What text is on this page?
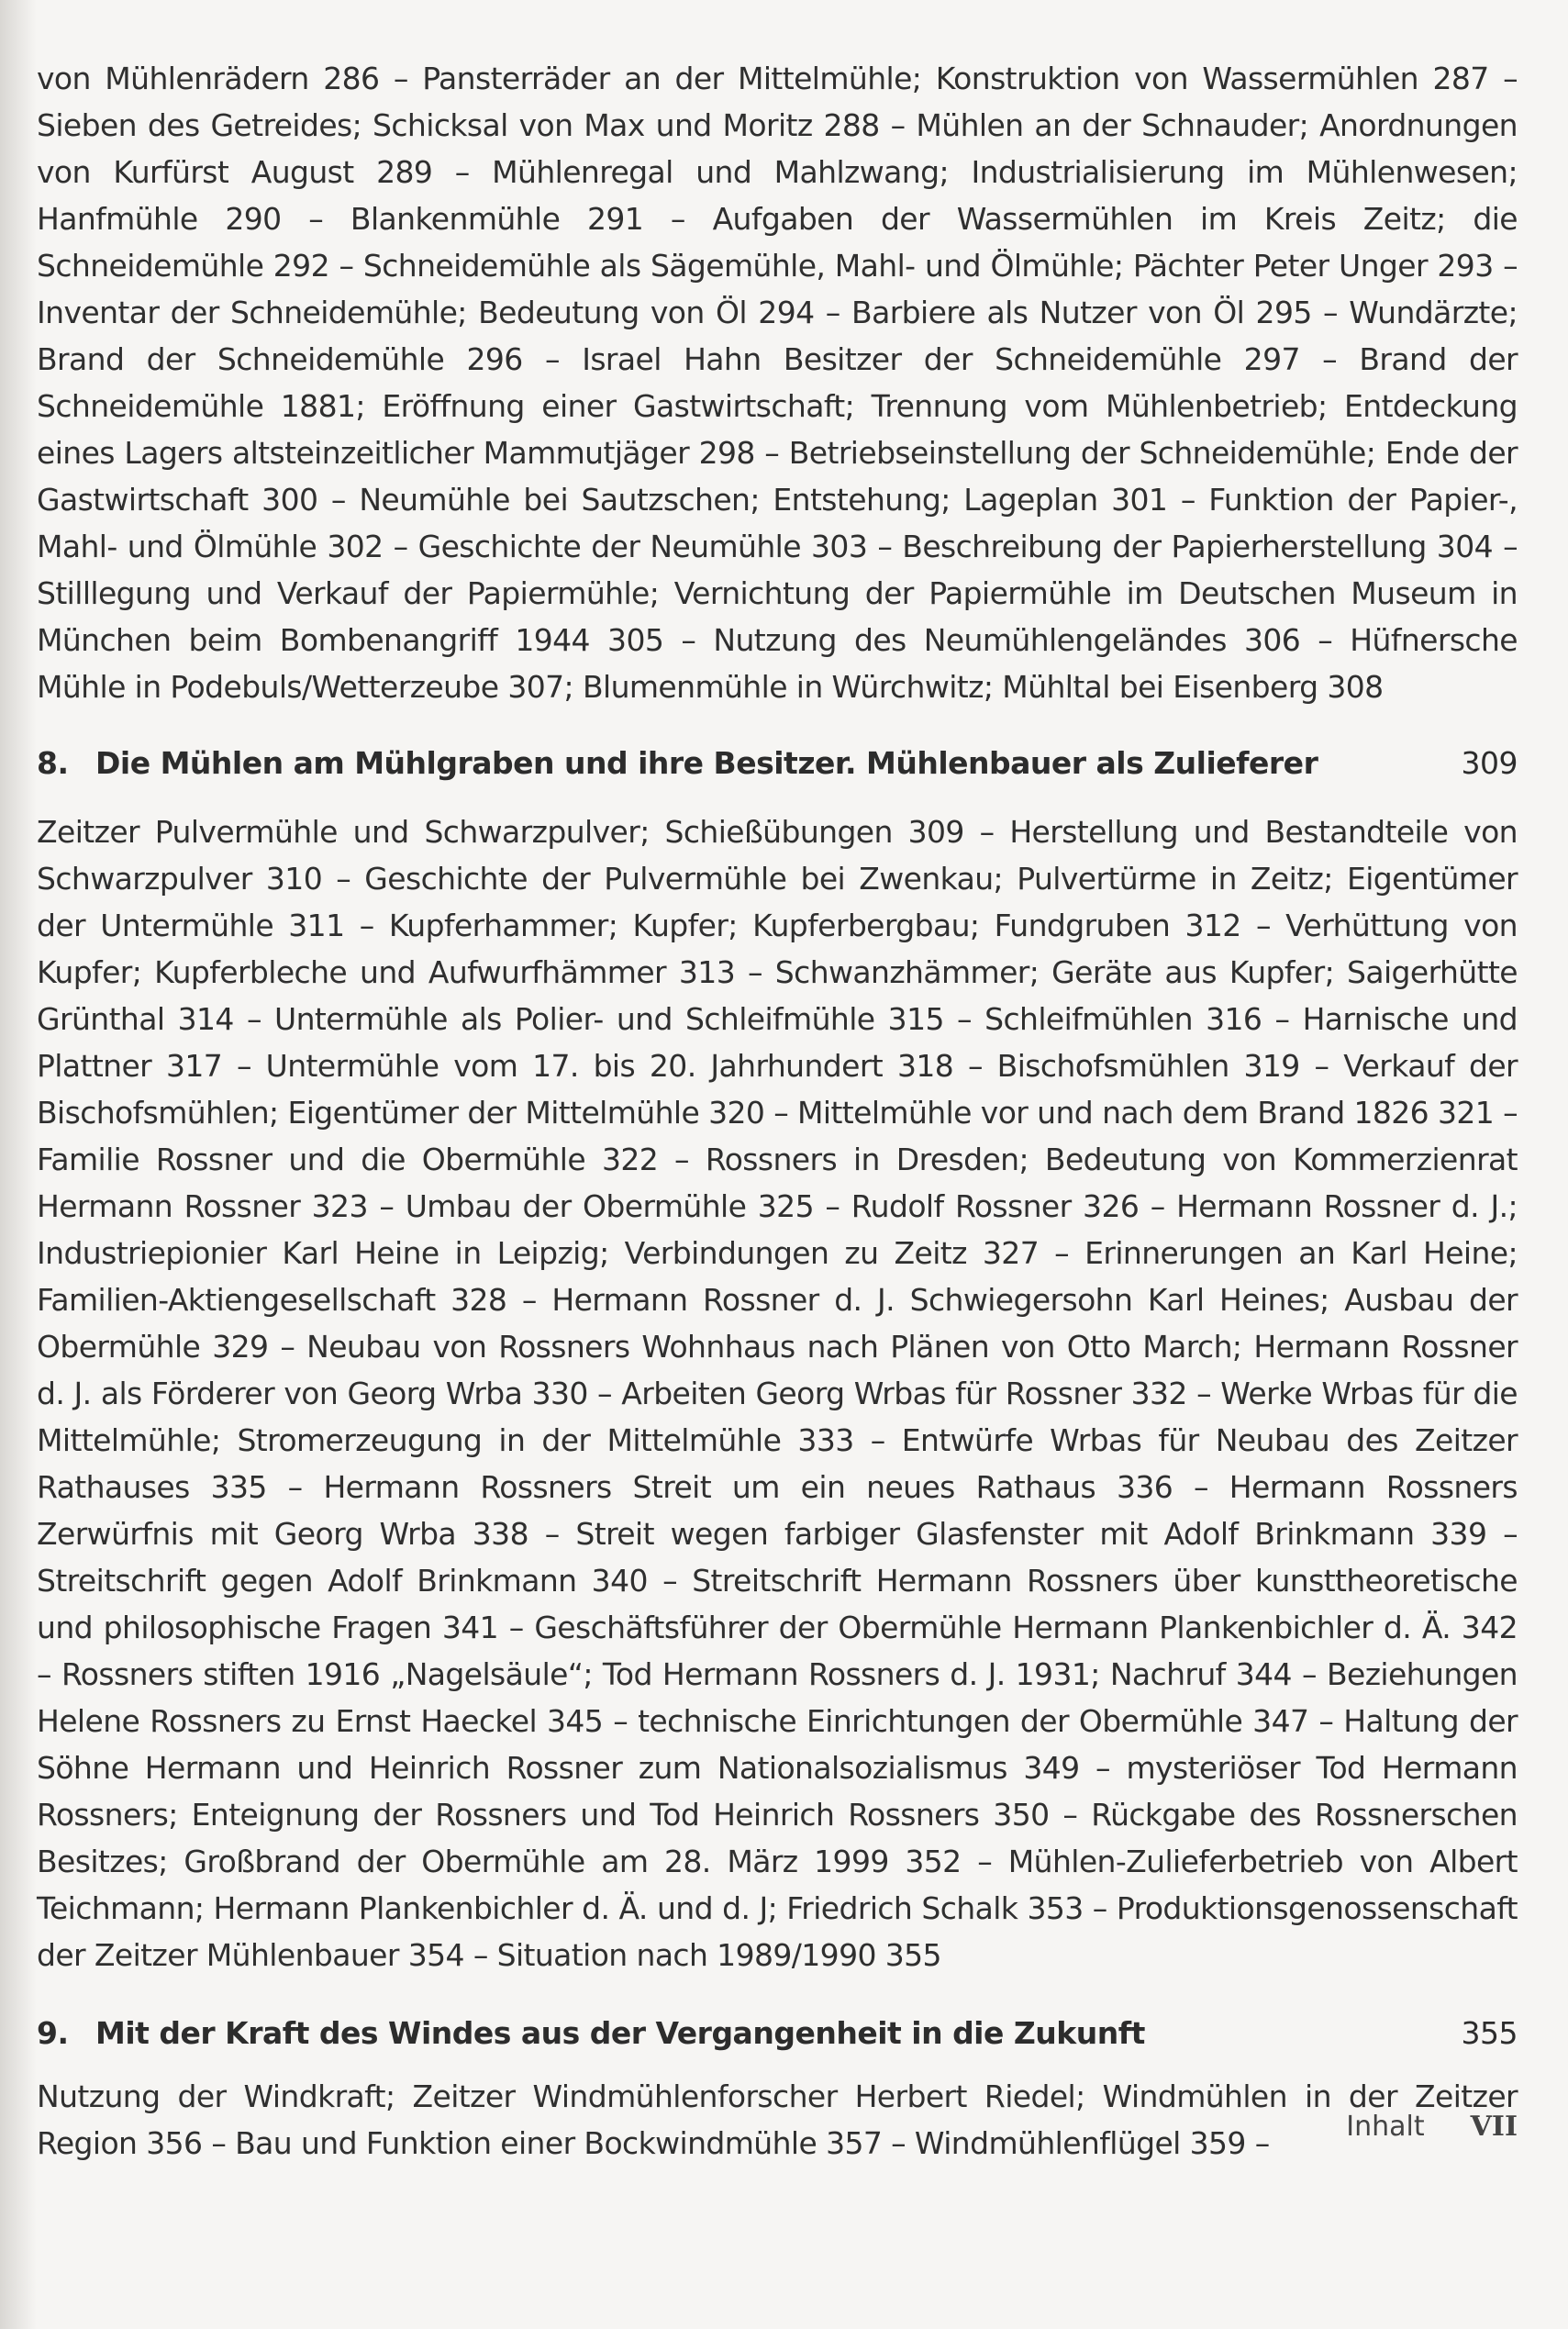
von Mühlenrädern 286 – Pansterräder an der Mittelmühle; Konstruktion von Wassermühlen 287 – Sieben des Getreides; Schicksal von Max und Moritz 288 – Mühlen an der Schnauder; Anordnungen von Kurfürst August 289 – Mühlenregal und Mahlzwang; Industrialisierung im Mühlenwesen; Hanfmühle 290 – Blankenmühle 291 – Aufgaben der Wassermühlen im Kreis Zeitz; die Schneidemühle 292 – Schneidemühle als Sägemühle, Mahl- und Ölmühle; Pächter Peter Unger 293 – Inventar der Schneidemühle; Bedeutung von Öl 294 – Barbiere als Nutzer von Öl 295 – Wundärzte; Brand der Schneidemühle 296 – Israel Hahn Besitzer der Schneidemühle 297 – Brand der Schneidemühle 1881; Eröffnung einer Gastwirtschaft; Trennung vom Mühlenbetrieb; Entdeckung eines Lagers altsteinzeitlicher Mammutjäger 298 – Betriebseinstellung der Schneidemühle; Ende der Gastwirtschaft 300 – Neumühle bei Sautzschen; Entstehung; Lageplan 301 – Funktion der Papier-, Mahl- und Ölmühle 302 – Geschichte der Neumühle 303 – Beschreibung der Papierherstellung 304 – Stilllegung und Verkauf der Papiermühle; Vernichtung der Papiermühle im Deutschen Museum in München beim Bombenangriff 1944 305 – Nutzung des Neumühlengeländes 306 – Hüfnersche Mühle in Podebuls/Wetterzeube 307; Blumenmühle in Würchwitz; Mühltal bei Eisenberg 308

8. Die Mühlen am Mühlgraben und ihre Besitzer. Mühlenbauer als Zulieferer	309

Zeitzer Pulvermühle und Schwarzpulver; Schießübungen 309 – Herstellung und Bestandteile von Schwarzpulver 310 – Geschichte der Pulvermühle bei Zwenkau; Pulvertürme in Zeitz; Eigentümer der Untermühle 311 – Kupferhammer; Kupfer; Kupferbergbau; Fundgruben 312 – Verhüttung von Kupfer; Kupferbleche und Aufwurfhämmer 313 – Schwanzhämmer; Geräte aus Kupfer; Saigerhütte Grünthal 314 – Untermühle als Polier- und Schleifmühle 315 – Schleifmühlen 316 – Harnische und Plattner 317 – Untermühle vom 17. bis 20. Jahrhundert 318 – Bischofsmühlen 319 – Verkauf der Bischofsmühlen; Eigentümer der Mittelmühle 320 – Mittelmühle vor und nach dem Brand 1826 321 – Familie Rossner und die Obermühle 322 – Rossners in Dresden; Bedeutung von Kommerzienrat Hermann Rossner 323 – Umbau der Obermühle 325 – Rudolf Rossner 326 – Hermann Rossner d. J.; Industriepionier Karl Heine in Leipzig; Verbindungen zu Zeitz 327 – Erinnerungen an Karl Heine; Familien-Aktiengesellschaft 328 – Hermann Rossner d. J. Schwiegersohn Karl Heines; Ausbau der Obermühle 329 – Neubau von Rossners Wohnhaus nach Plänen von Otto March; Hermann Rossner d. J. als Förderer von Georg Wrba 330 – Arbeiten Georg Wrbas für Rossner 332 – Werke Wrbas für die Mittelmühle; Stromerzeugung in der Mittelmühle 333 – Entwürfe Wrbas für Neubau des Zeitzer Rathauses 335 – Hermann Rossners Streit um ein neues Rathaus 336 – Hermann Rossners Zerwürfnis mit Georg Wrba 338 – Streit wegen farbiger Glasfenster mit Adolf Brinkmann 339 – Streitschrift gegen Adolf Brinkmann 340 – Streitschrift Hermann Rossners über kunsttheoretische und philosophische Fragen 341 – Geschäftsführer der Obermühle Hermann Plankenbichler d. Ä. 342 – Rossners stiften 1916 „Nagelsäule“; Tod Hermann Rossners d. J. 1931; Nachruf 344 – Beziehungen Helene Rossners zu Ernst Haeckel 345 – technische Einrichtungen der Obermühle 347 – Haltung der Söhne Hermann und Heinrich Rossner zum Nationalsozialismus 349 – mysteriöser Tod Hermann Rossners; Enteignung der Rossners und Tod Heinrich Rossners 350 – Rückgabe des Rossnerschen Besitzes; Großbrand der Obermühle am 28. März 1999 352 – Mühlen-Zulieferbetrieb von Albert Teichmann; Hermann Plankenbichler d. Ä. und d. J; Friedrich Schalk 353 – Produktionsgenossenschaft der Zeitzer Mühlenbauer 354 – Situation nach 1989/1990 355

9. Mit der Kraft des Windes aus der Vergangenheit in die Zukunft	355

Nutzung der Windkraft; Zeitzer Windmühlenforscher Herbert Riedel; Windmühlen in der Zeitzer Region 356 – Bau und Funktion einer Bockwindmühle 357 – Windmühlenflügel 359 –	Inhalt VII
